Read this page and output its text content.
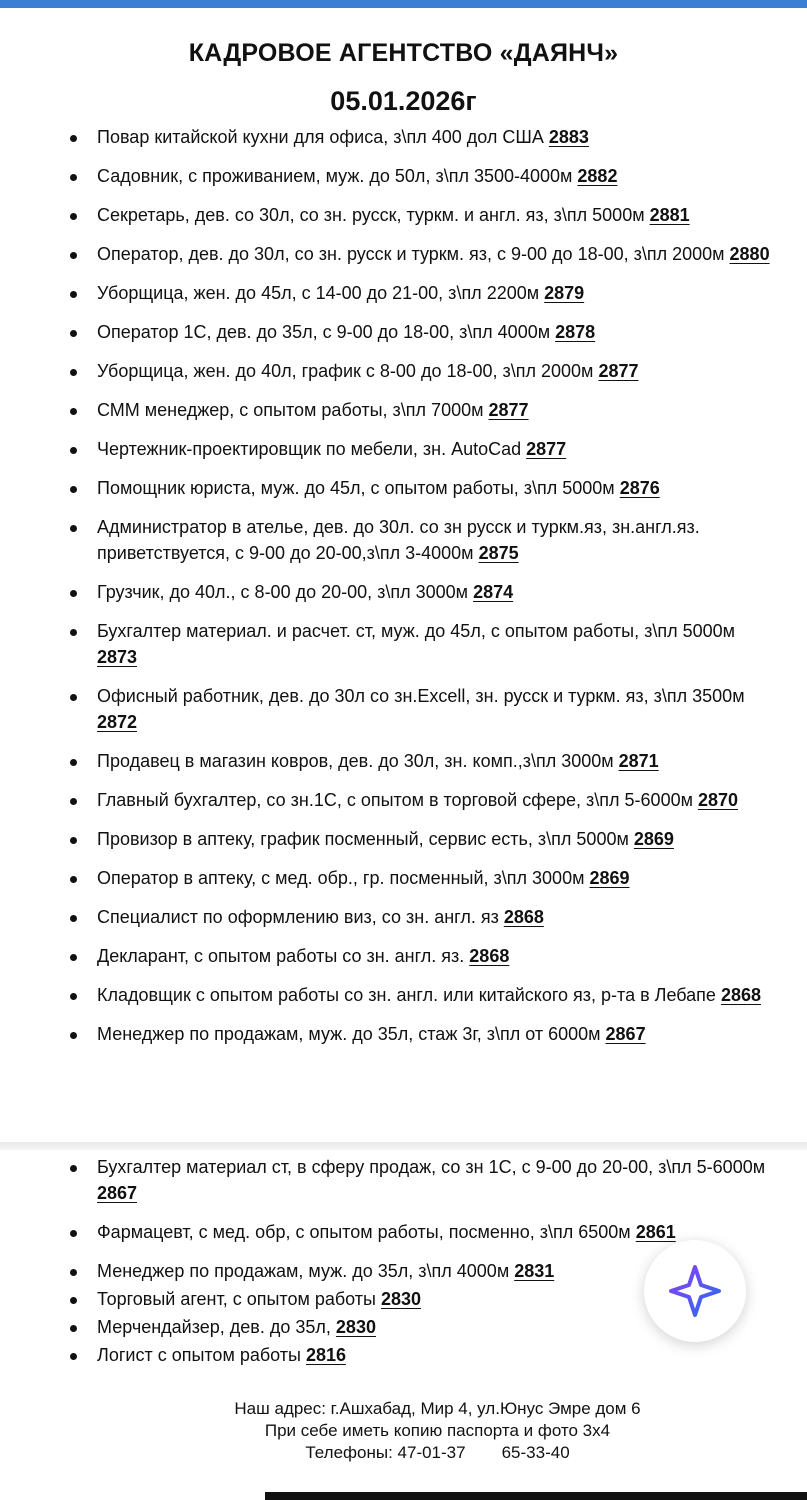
КАДРОВОЕ АГЕНТСТВО «ДАЯНЧ»

05.01.2026г

Повар китайской кухни для офиса, з\пл 400 дол США 2883
Садовник, с проживанием, муж. до 50л, з\пл 3500-4000м 2882
Секретарь, дев. со 30л, со зн. русск, туркм. и англ. яз, з\пл 5000м 2881
Оператор, дев. до 30л, со зн. русск и туркм. яз, с 9-00 до 18-00, з\пл 2000м 2880
Уборщица, жен. до 45л, с 14-00 до 21-00, з\пл 2200м 2879
Оператор 1С, дев. до 35л, с 9-00 до 18-00, з\пл 4000м 2878
Уборщица, жен. до 40л, график с 8-00 до 18-00, з\пл 2000м 2877
СММ менеджер, с опытом работы, з\пл 7000м 2877
Чертежник-проектировщик по мебели, зн. AutoCad 2877
Помощник юриста, муж. до 45л, с опытом работы, з\пл 5000м 2876
Администратор в ателье, дев. до 30л. со зн русск и туркм.яз, зн.англ.яз. приветствуется, с 9-00 до 20-00,з\пл 3-4000м 2875
Грузчик, до 40л., с 8-00 до 20-00, з\пл 3000м 2874
Бухгалтер материал. и расчет. ст, муж. до 45л, с опытом работы, з\пл 5000м 2873
Офисный работник, дев. до 30л со зн.Excell, зн. русск и туркм. яз, з\пл 3500м 2872
Продавец в магазин ковров, дев. до 30л, зн. комп.,з\пл 3000м 2871
Главный бухгалтер, со зн.1С, с опытом в торговой сфере, з\пл 5-6000м 2870
Провизор в аптеку, график посменный, сервис есть, з\пл 5000м 2869
Оператор в аптеку, с мед. обр., гр. посменный, з\пл 3000м 2869
Специалист по оформлению виз, со зн. англ. яз 2868
Декларант, с опытом работы со зн. англ. яз. 2868
Кладовщик с опытом работы со зн. англ. или китайского яз, р-та в Лебапе 2868
Менеджер по продажам, муж. до 35л, стаж 3г, з\пл от 6000м 2867
Бухгалтер материал ст, в сферу продаж, со зн 1С, с 9-00 до 20-00, з\пл 5-6000м 2867
Фармацевт, с мед. обр, с опытом работы, посменно, з\пл 6500м 2861
Менеджер по продажам, муж. до 35л, з\пл 4000м 2831
Торговый агент, с опытом работы 2830
Мерчендайзер, дев. до 35л, 2830
Логист с опытом работы 2816

Наш адрес: г.Ашхабад, Мир 4, ул.Юнус Эмре дом 6

При себе иметь копию паспорта и фото 3х4

Телефоны: 47-01-37 65-33-40
